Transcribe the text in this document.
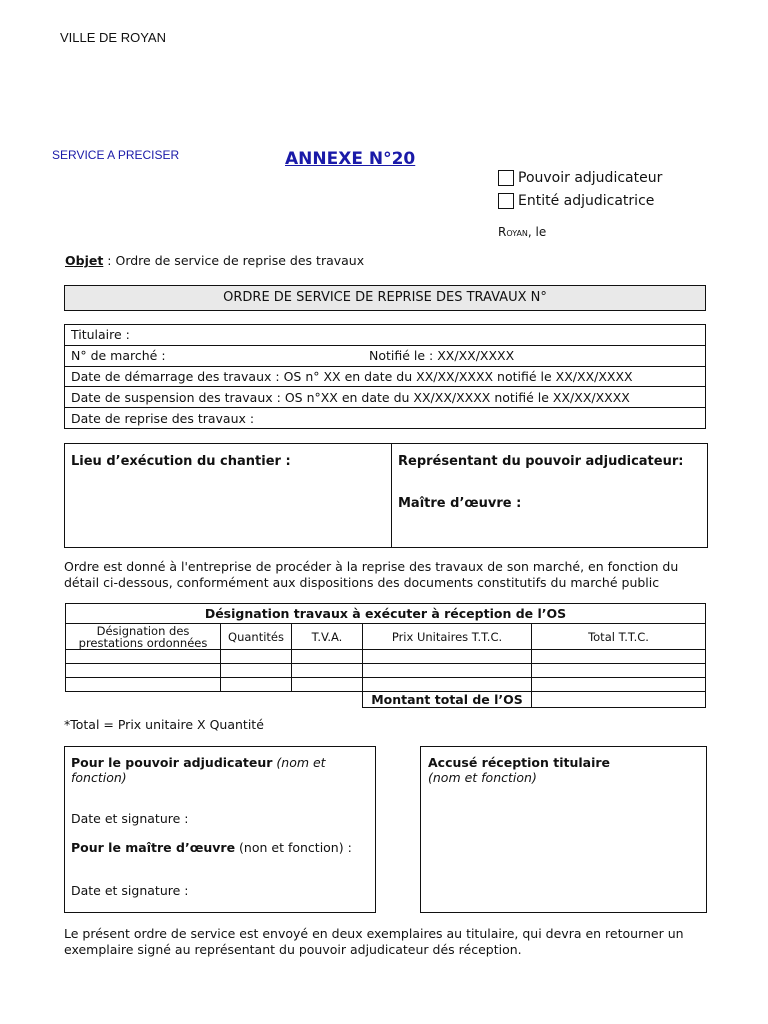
VILLE DE ROYAN
SERVICE A PRECISER	ANNEXE N°20
Pouvoir adjudicateur
Entité adjudicatrice
Royan, le
Objet : Ordre de service de reprise des travaux
ORDRE DE SERVICE DE REPRISE DES TRAVAUX N°
Titulaire :
N° de marché :	Notifié le : XX/XX/XXXX
Date de démarrage des travaux : OS n° XX en date du XX/XX/XXXX notifié le XX/XX/XXXX
Date de suspension des travaux : OS n°XX en date du XX/XX/XXXX notifié le XX/XX/XXXX
Date de reprise des travaux :
Lieu d’exécution du chantier :	Représentant du pouvoir adjudicateur:
Maître d’œuvre :
Ordre est donné à l'entreprise de procéder à la reprise des travaux de son marché, en fonction du
détail ci-dessous, conformément aux dispositions des documents constitutifs du marché public
Désignation travaux à exécuter à réception de l’OS				

Désignation des
prestations ordonnées	Quantités	T.V.A.	Prix Unitaires T.T.C.	Total T.T.C.

			Montant total de l’OS	
*Total = Prix unitaire X Quantité
Pour le pouvoir adjudicateur (nom et
fonction)
Date et signature :
Pour le maître d’œuvre (non et fonction) :
Date et signature :
Accusé réception titulaire
(nom et fonction)
Le présent ordre de service est envoyé en deux exemplaires au titulaire, qui devra en retourner un
exemplaire signé au représentant du pouvoir adjudicateur dés réception.
